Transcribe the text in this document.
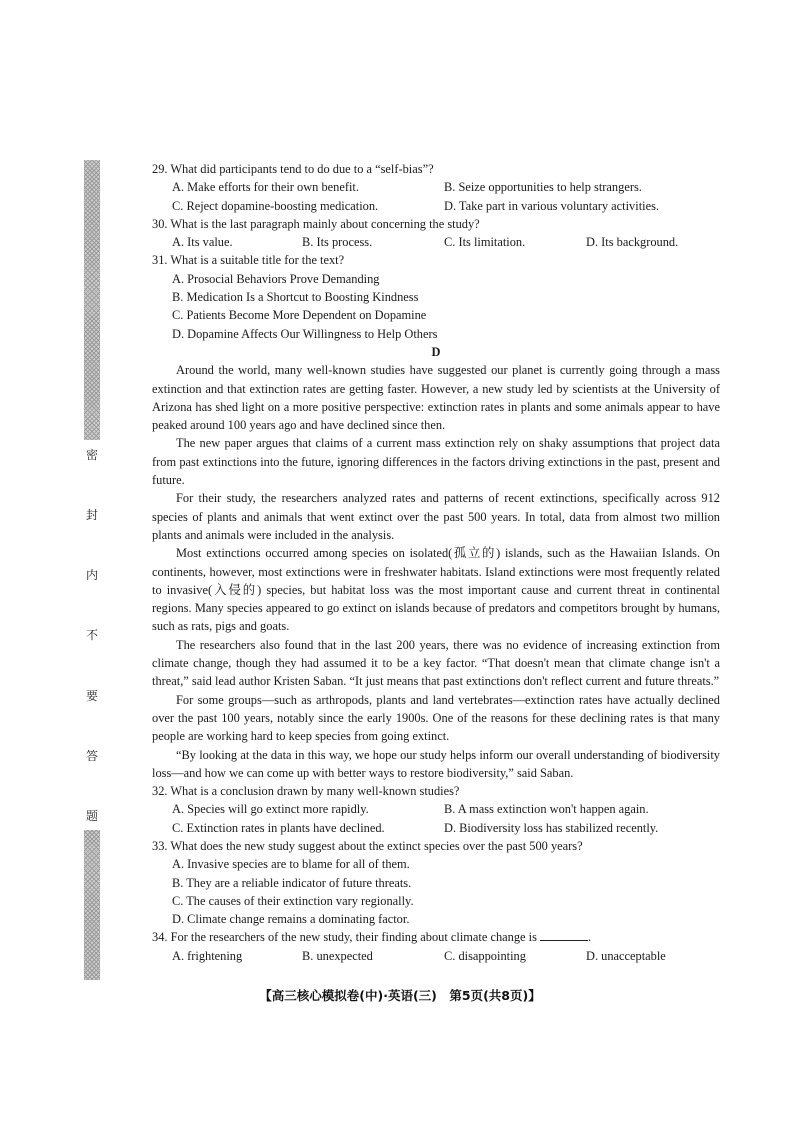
密
封
内
不
要
答
题

29. What did participants tend to do due to a “self-bias”?

A. Make efforts for their own benefit.	B. Seize opportunities to help strangers.
C. Reject dopamine-boosting medication.	D. Take part in various voluntary activities.

30. What is the last paragraph mainly about concerning the study?

A. Its value.	B. Its process.	C. Its limitation.	D. Its background.

31. What is a suitable title for the text?

A. Prosocial Behaviors Prove Demanding
B. Medication Is a Shortcut to Boosting Kindness
C. Patients Become More Dependent on Dopamine
D. Dopamine Affects Our Willingness to Help Others

D

Around the world, many well-known studies have suggested our planet is currently going through a mass extinction and that extinction rates are getting faster. However, a new study led by scientists at the University of Arizona has shed light on a more positive perspective: extinction rates in plants and some animals appear to have peaked around 100 years ago and have declined since then.

The new paper argues that claims of a current mass extinction rely on shaky assumptions that project data from past extinctions into the future, ignoring differences in the factors driving extinctions in the past, present and future.

For their study, the researchers analyzed rates and patterns of recent extinctions, specifically across 912 species of plants and animals that went extinct over the past 500 years. In total, data from almost two million plants and animals were included in the analysis.

Most extinctions occurred among species on isolated(孤立的) islands, such as the Hawaiian Islands. On continents, however, most extinctions were in freshwater habitats. Island extinctions were most frequently related to invasive(入侵的) species, but habitat loss was the most important cause and current threat in continental regions. Many species appeared to go extinct on islands because of predators and competitors brought by humans, such as rats, pigs and goats.

The researchers also found that in the last 200 years, there was no evidence of increasing extinction from climate change, though they had assumed it to be a key factor. “That doesn't mean that climate change isn't a threat,” said lead author Kristen Saban. “It just means that past extinctions don't reflect current and future threats.”

For some groups—such as arthropods, plants and land vertebrates—extinction rates have actually declined over the past 100 years, notably since the early 1900s. One of the reasons for these declining rates is that many people are working hard to keep species from going extinct.

“By looking at the data in this way, we hope our study helps inform our overall understanding of biodiversity loss—and how we can come up with better ways to restore biodiversity,” said Saban.

32. What is a conclusion drawn by many well-known studies?

A. Species will go extinct more rapidly.	B. A mass extinction won't happen again.
C. Extinction rates in plants have declined.	D. Biodiversity loss has stabilized recently.

33. What does the new study suggest about the extinct species over the past 500 years?

A. Invasive species are to blame for all of them.
B. They are a reliable indicator of future threats.
C. The causes of their extinction vary regionally.
D. Climate change remains a dominating factor.

34. For the researchers of the new study, their finding about climate change is	.

A. frightening	B. unexpected	C. disappointing	D. unacceptable
【高三核心模拟卷(中)·英语(三)　第5页(共8页)】
